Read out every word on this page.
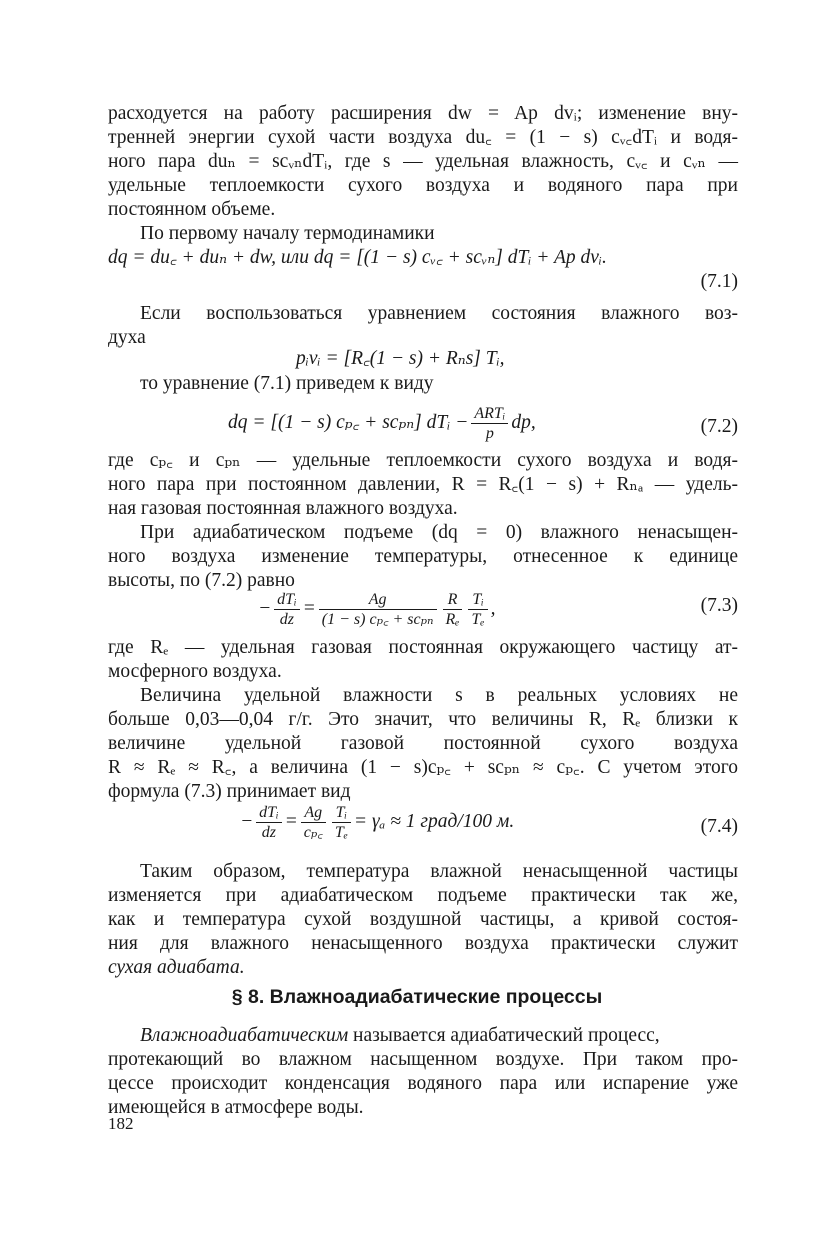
расходуется на работу расширения dw = Ap dvᵢ; изменение вну-
тренней энергии сухой части воздуха du꜀ = (1 − s) cᵥ꜀dTᵢ и водя-
ного пара duₙ = scᵥₙdTᵢ, где s — удельная влажность, cᵥ꜀ и cᵥₙ —
удельные теплоемкости сухого воздуха и водяного пара при
постоянном объеме.
По первому началу термодинамики
dq = du꜀ + duₙ + dw, или dq = [(1 − s) cᵥ꜀ + scᵥₙ] dTᵢ + Ap dvᵢ.
(7.1)
Если воспользоваться уравнением состояния влажного воз-
духа
pᵢvᵢ = [R꜀(1 − s) + Rₙs] Tᵢ,
то уравнение (7.1) приведем к виду
dq = [(1 − s) cₚ꜀ + scₚₙ] dTᵢ − $\frac{\text{ARTᵢ}}{p}$ dp,	(7.2)
где cₚ꜀ и cₚₙ — удельные теплоемкости сухого воздуха и водя-
ного пара при постоянном давлении, R = R꜀(1 − s) + Rₙₐ — удель-
ная газовая постоянная влажного воздуха.
При адиабатическом подъеме (dq = 0) влажного ненасыщен-
ного воздуха изменение температуры, отнесенное к единице
высоты, по (7.2) равно
− $\frac{\text{dTᵢ}}{dz} = \frac{Ag}{\text{(1 − s) cₚ꜀ + scₚₙ}} \frac{R}{\text{Rₑ}} \frac{\text{Tᵢ}}{\text{Tₑ}}$ ,	(7.3)
где Rₑ — удельная газовая постоянная окружающего частицу ат-
мосферного воздуха.
Величина удельной влажности s в реальных условиях не
больше 0,03—0,04 г/г. Это значит, что величины R, Rₑ близки к
величине удельной газовой постоянной сухого воздуха
R ≈ Rₑ ≈ R꜀, а величина (1 − s)cₚ꜀ + scₚₙ ≈ cₚ꜀. С учетом этого
формула (7.3) принимает вид
− $\frac{\text{dTᵢ}}{dz} = \frac{Ag}{\text{cₚ꜀}} \frac{\text{Tᵢ}}{\text{Tₑ}} = \gamma_a \approx 1$ град/100 м.	(7.4)
Таким образом, температура влажной ненасыщенной частицы
изменяется при адиабатическом подъеме практически так же,
как и температура сухой воздушной частицы, а кривой состоя-
ния для влажного ненасыщенного воздуха практически служит
сухая адиабата.
§ 8. Влажноадиабатические процессы
Влажноадиабатическим называется адиабатический процесс,
протекающий во влажном насыщенном воздухе. При таком про-
цессе происходит конденсация водяного пара или испарение уже
имеющейся в атмосфере воды.
182
